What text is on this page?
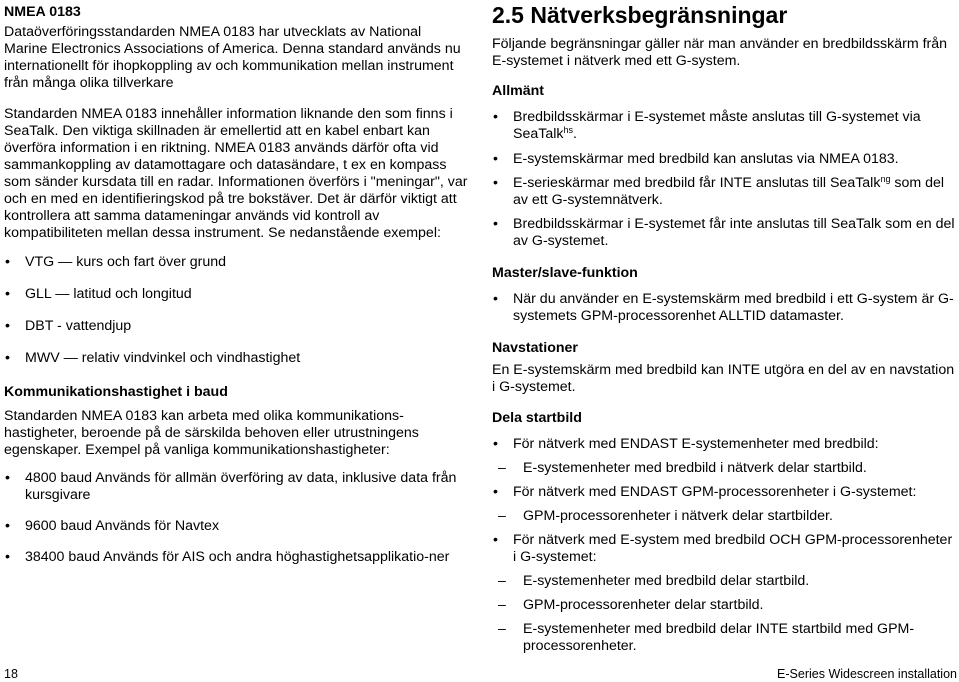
NMEA 0183

Dataöverföringsstandarden NMEA 0183 har utvecklats av National Marine Electronics Associations of America. Denna standard används nu internationellt för ihopkoppling av och kommunikation mellan instrument från många olika tillverkare

Standarden NMEA 0183 innehåller information liknande den som finns i SeaTalk. Den viktiga skillnaden är emellertid att en kabel enbart kan överföra information i en riktning. NMEA 0183 används därför ofta vid sammankoppling av datamottagare och datasändare, t ex en kompass som sänder kursdata till en radar. Informationen överförs i "meningar", var och en med en identifieringskod på tre bokstäver. Det är därför viktigt att kontrollera att samma datameningar används vid kontroll av kompatibiliteten mellan dessa instrument. Se nedanstående exempel:

• VTG — kurs och fart över grund
• GLL — latitud och longitud
• DBT - vattendjup
• MWV — relativ vindvinkel och vindhastighet
Kommunikationshastighet i baud

Standarden NMEA 0183 kan arbeta med olika kommunikations-hastigheter, beroende på de särskilda behoven eller utrustningens egenskaper. Exempel på vanliga kommunikationshastigheter:

• 4800 baud Används för allmän överföring av data, inklusive data från kursgivare
• 9600 baud Används för Navtex
• 38400 baud Används för AIS och andra höghastighetsapplikatio-ner
2.5 Nätverksbegränsningar

Följande begränsningar gäller när man använder en bredbildsskärm från E-systemet i nätverk med ett G-system.

Allmänt
• Bredbildsskärmar i E-systemet måste anslutas till G-systemet via SeaTalk$^{hs}$.
• E-systemskärmar med bredbild kan anslutas via NMEA 0183.
• E-serieskärmar med bredbild får INTE anslutas till SeaTalk$^{ng}$ som del av ett G-systemnätverk.
• Bredbildsskärmar i E-systemet får inte anslutas till SeaTalk som en del av G-systemet.
Master/slave-funktion
• När du använder en E-systemskärm med bredbild i ett G-system är G-systemets GPM-processorenhet ALLTID datamaster.
Navstationer

En E-systemskärm med bredbild kan INTE utgöra en del av en navstation i G-systemet.

Dela startbild
• För nätverk med ENDAST E-systemenheter med bredbild:
– E-systemenheter med bredbild i nätverk delar startbild.
• För nätverk med ENDAST GPM-processorenheter i G-systemet:
– GPM-processorenheter i nätverk delar startbilder.
• För nätverk med E-system med bredbild OCH GPM-processorenheter i G-systemet:
– E-systemenheter med bredbild delar startbild.
– GPM-processorenheter delar startbild.
– E-systemenheter med bredbild delar INTE startbild med GPM-processorenheter.
18	E-Series Widescreen installation
